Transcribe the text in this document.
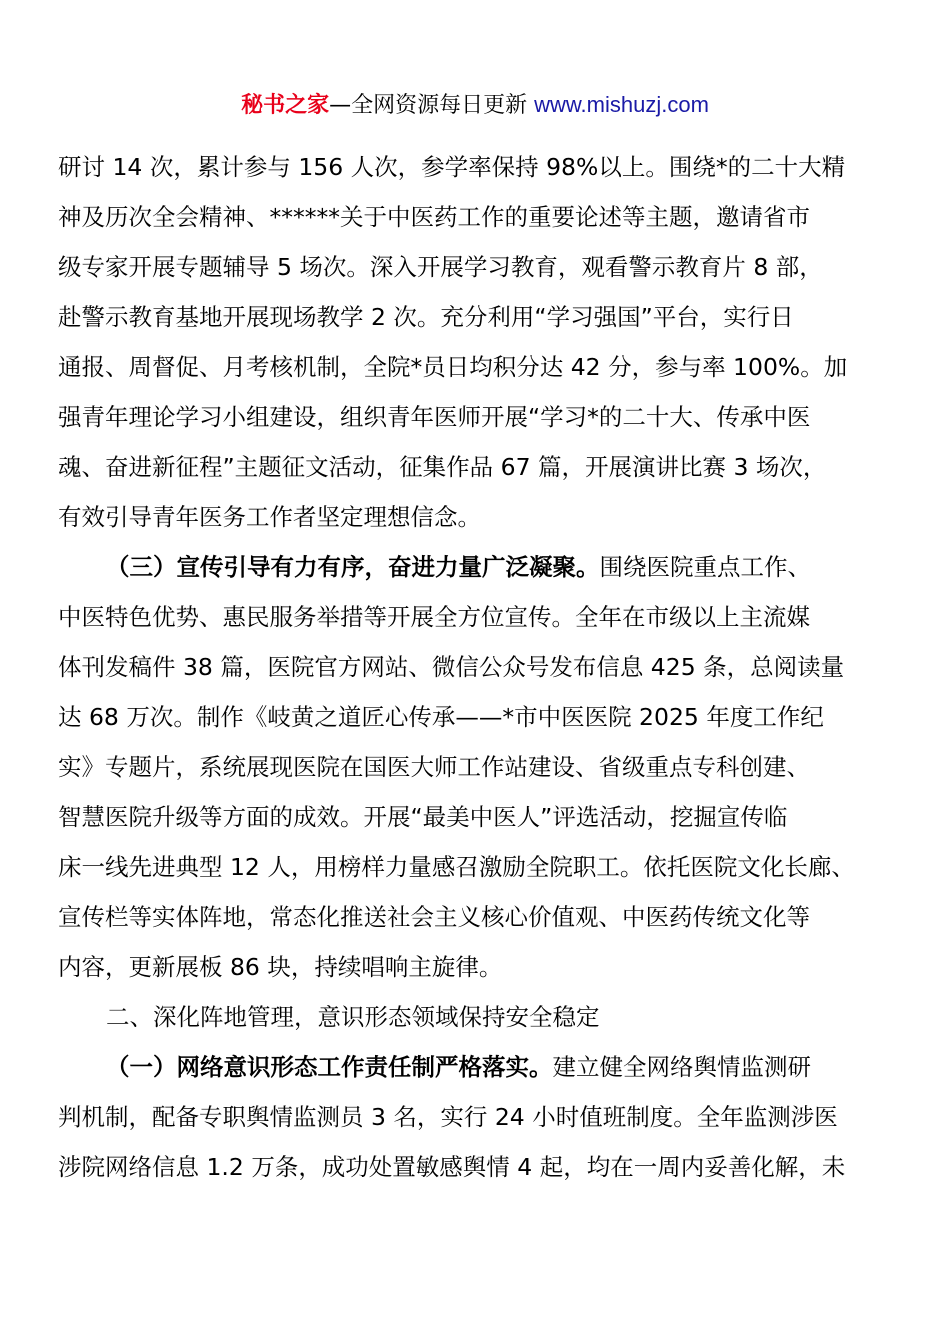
秘书之家—全网资源每日更新 www.mishuzj.com
研讨 14 次，累计参与 156 人次，参学率保持 98%以上。围绕*的二十大精
神及历次全会精神、******关于中医药工作的重要论述等主题，邀请省市
级专家开展专题辅导 5 场次。深入开展学习教育，观看警示教育片 8 部，
赴警示教育基地开展现场教学 2 次。充分利用“学习强国”平台，实行日
通报、周督促、月考核机制，全院*员日均积分达 42 分，参与率 100%。加
强青年理论学习小组建设，组织青年医师开展“学习*的二十大、传承中医
魂、奋进新征程”主题征文活动，征集作品 67 篇，开展演讲比赛 3 场次，
有效引导青年医务工作者坚定理想信念。
（三）宣传引导有力有序，奋进力量广泛凝聚。围绕医院重点工作、
中医特色优势、惠民服务举措等开展全方位宣传。全年在市级以上主流媒
体刊发稿件 38 篇，医院官方网站、微信公众号发布信息 425 条，总阅读量
达 68 万次。制作《岐黄之道匠心传承——*市中医医院 2025 年度工作纪
实》专题片，系统展现医院在国医大师工作站建设、省级重点专科创建、
智慧医院升级等方面的成效。开展“最美中医人”评选活动，挖掘宣传临
床一线先进典型 12 人，用榜样力量感召激励全院职工。依托医院文化长廊、
宣传栏等实体阵地，常态化推送社会主义核心价值观、中医药传统文化等
内容，更新展板 86 块，持续唱响主旋律。
二、深化阵地管理，意识形态领域保持安全稳定
（一）网络意识形态工作责任制严格落实。建立健全网络舆情监测研
判机制，配备专职舆情监测员 3 名，实行 24 小时值班制度。全年监测涉医
涉院网络信息 1.2 万条，成功处置敏感舆情 4 起，均在一周内妥善化解，未
